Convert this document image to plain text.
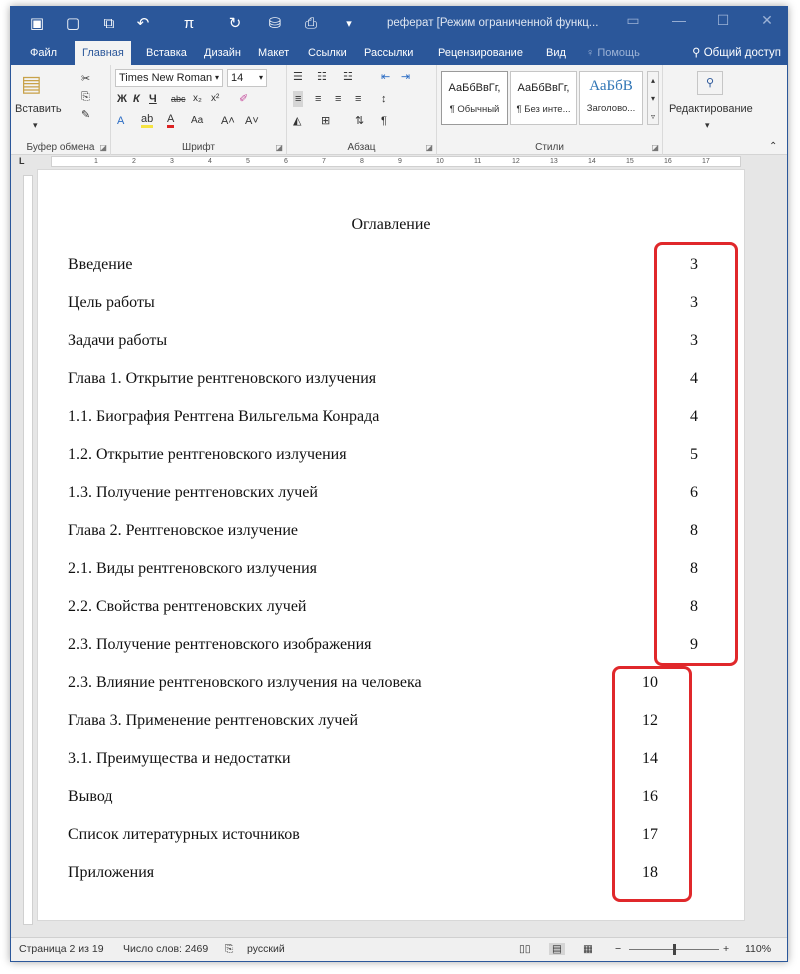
▣	▢	⧉	↶	π	↻	⛁	⎙	▾	реферат [Режим ограниченной функц...	▭	—	☐	✕
Файл	Главная	Вставка	Дизайн	Макет	Ссылки	Рассылки	Рецензирование	Вид	♀ Помощь	⚲ Общий доступ
▤
Вставить
▾
✂
⎘
✎
Буфер обмена ◪
Times New Roman ▾	14 ▾
Ж К Ч abc x₂ x² ✐
A ab A Aa A˄ A˅
Шрифт	◪
☰ ☷ ☳	⇤ ⇥
≡ ≡ ≡ ≡ ↕
◭ ⊞ ⇅ ¶
Абзац	◪
АаБбВвГг,
¶ Обычный
АаБбВвГг,
¶ Без инте...
АаБбВ
Заголово...
▴
▾
▿
Стили	◪
⚲
Редактирование
▾
⌃
L	1	2	3	4	5	6	7	8	9	10	11	12	13	14	15	16	17
Оглавление
Введение	3
Цель работы	3
Задачи работы	3
Глава 1. Открытие рентгеновского излучения	4
1.1. Биография Рентгена Вильгельма Конрада	4
1.2. Открытие рентгеновского излучения	5
1.3. Получение рентгеновских лучей	6
Глава 2. Рентгеновское излучение	8
2.1. Виды рентгеновского излучения	8
2.2. Свойства рентгеновских лучей	8
2.3. Получение рентгеновского изображения	9
2.3. Влияние рентгеновского излучения на человека	10
Глава 3. Применение рентгеновских лучей	12
3.1. Преимущества и недостатки	14
Вывод	16
Список литературных источников	17
Приложения	18
Страница 2 из 19 Число слов: 2469 ⎘ русский	▯▯ ▤ ▦ −	+ 110%
